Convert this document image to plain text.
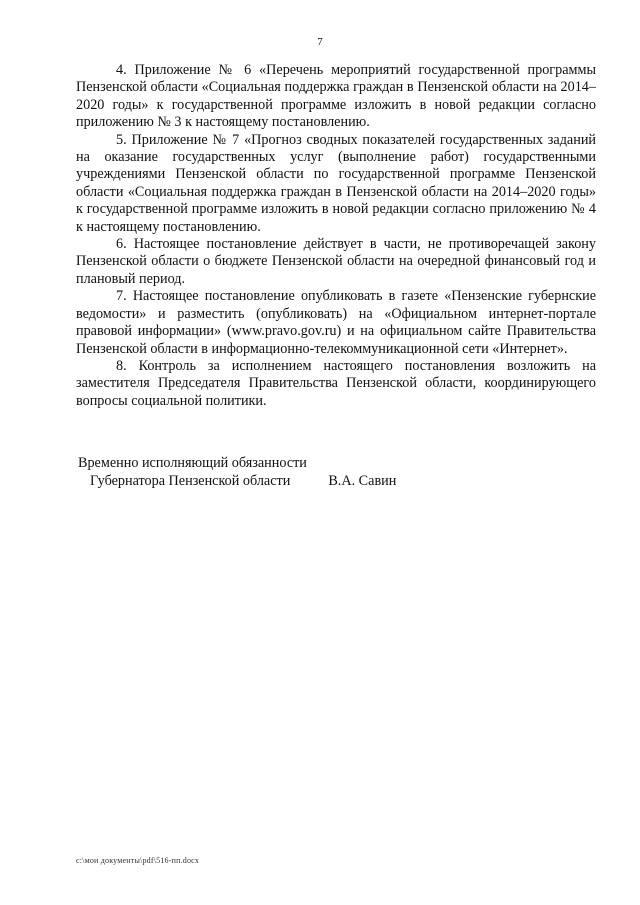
7

4. Приложение № 6 «Перечень мероприятий государственной программы Пензенской области «Социальная поддержка граждан в Пензенской области на 2014–2020 годы» к государственной программе изложить в новой редакции согласно приложению № 3 к настоящему постановлению.

5. Приложение № 7 «Прогноз сводных показателей государственных заданий на оказание государственных услуг (выполнение работ) государственными учреждениями Пензенской области по государственной программе Пензенской области «Социальная поддержка граждан в Пензенской области на 2014–2020 годы» к государственной программе изложить в новой редакции согласно приложению № 4 к настоящему постановлению.

6. Настоящее постановление действует в части, не противоречащей закону Пензенской области о бюджете Пензенской области на очередной финансовый год и плановый период.

7. Настоящее постановление опубликовать в газете «Пензенские губернские ведомости» и разместить (опубликовать) на «Официальном интернет-портале правовой информации» (www.pravo.gov.ru) и на официальном сайте Правительства Пензенской области в информационно-телекоммуникационной сети «Интернет».

8. Контроль за исполнением настоящего постановления возложить на заместителя Председателя Правительства Пензенской области, координирующего вопросы социальной политики.

Временно исполняющий обязанности
Губернатора Пензенской области	В.А. Савин
c:\мои документы\pdf\516-пп.docx
